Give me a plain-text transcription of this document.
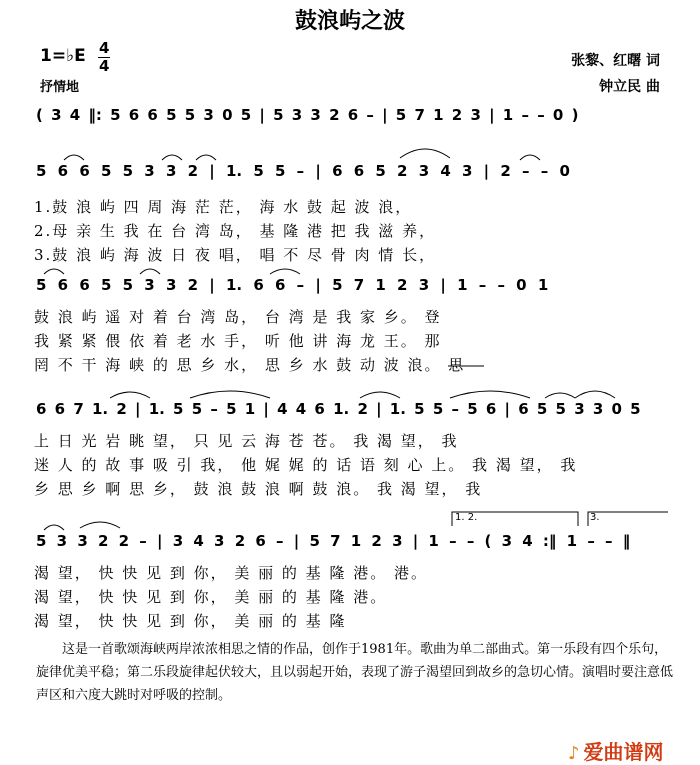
鼓浪屿之波
1=♭E 4
4
抒情地
张黎、红曙 词
钟立民 曲
( 3 4 ‖: 5 6 6 5 5 3 0 5 | 5 3 3 2 6 – | 5 7 1 2 3 | 1 – – 0 )
5 6 6 5 5 3 3 2 | 1. 5 5 – | 6 6 5 2 3 4 3 | 2 – – 0
5 6 6 5 5 3 3 2 | 1. 6 6 – | 5 7 1 2 3 | 1 – – 0 1
6 6 7 1. 2 | 1. 5 5 – 5 1 | 4 4 6 1. 2 | 1. 5 5 – 5 6 | 6 5 5 3 3 0 5
5 3 3 2 2 – | 3 4 3 2 6 – | 5 7 1 2 3 | 1 – – ( 3 4 :‖ 1 – – ‖
1. 2.	3.
1.鼓 浪 屿 四 周 海 茫 茫， 海 水 鼓 起 波 浪，
2.母 亲 生 我 在 台 湾 岛， 基 隆 港 把 我 滋 养，
3.鼓 浪 屿 海 波 日 夜 唱， 唱 不 尽 骨 肉 情 长，
鼓 浪 屿 遥 对 着 台 湾 岛， 台 湾 是 我 家 乡。 登
我 紧 紧 偎 依 着 老 水 手， 听 他 讲 海 龙 王。 那
罔 不 干 海 峡 的 思 乡 水， 思 乡 水 鼓 动 波 浪。 思
上 日 光 岩 眺 望， 只 见 云 海 苍 苍。 我 渴 望， 我
迷 人 的 故 事 吸 引 我， 他 娓 娓 的 话 语 刻 心 上。 我 渴 望， 我
乡 思 乡 啊 思 乡， 鼓 浪 鼓 浪 啊 鼓 浪。 我 渴 望， 我
渴 望， 快 快 见 到 你， 美 丽 的 基 隆 港。 港。
渴 望， 快 快 见 到 你， 美 丽 的 基 隆 港。
渴 望， 快 快 见 到 你， 美 丽 的 基 隆
这是一首歌颂海峡两岸浓浓相思之情的作品，创作于1981年。歌曲为单二部曲式。第一乐段有四个乐句，旋律优美平稳；第二乐段旋律起伏较大，且以弱起开始，表现了游子渴望回到故乡的急切心情。演唱时要注意低声区和六度大跳时对呼吸的控制。
♪ 爱曲谱网
